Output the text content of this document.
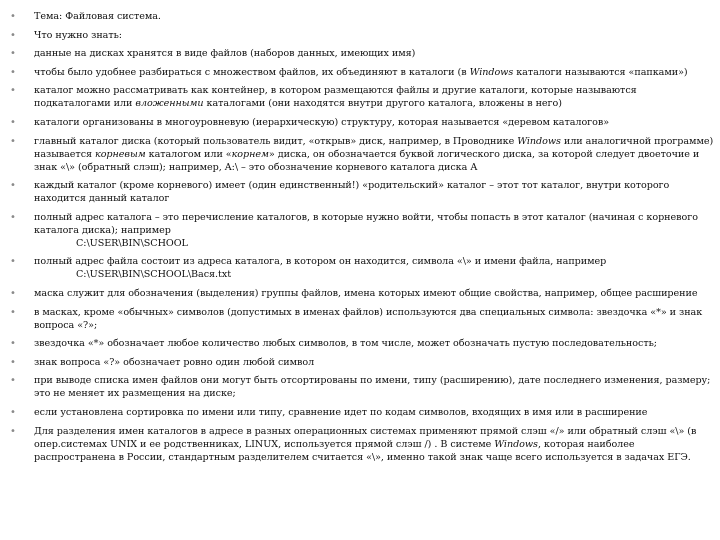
• Тема: Файловая система.
• Что нужно знать:
• данные на дисках хранятся в виде файлов (наборов данных, имеющих имя)
• чтобы было удобнее разбираться с множеством файлов, их объединяют в каталоги (в Windows каталоги называются «папками»)
• каталог можно рассматривать как контейнер, в котором размещаются файлы и другие каталоги, которые называются подкаталогами или вложенными каталогами (они находятся внутри другого каталога, вложены в него)
• каталоги организованы в многоуровневую (иерархическую) структуру, которая называется «деревом каталогов»
• главный каталог диска (который пользователь видит, «открыв» диск, например, в Проводнике Windows или аналогичной программе) называется корневым каталогом или «корнем» диска, он обозначается буквой логического диска, за которой следует двоеточие и знак «\» (обратный слэш); например, A:\ – это обозначение корневого каталога диска А
• каждый каталог (кроме корневого) имеет (один единственный!) «родительский» каталог – этот тот каталог, внутри которого находится данный каталог
• полный адрес каталога – это перечисление каталогов, в которые нужно войти, чтобы попасть в этот каталог (начиная с корневого каталога диска); например
C:\USER\BIN\SCHOOL
• полный адрес файла состоит из адреса каталога, в котором он находится, символа «\» и имени файла, например
C:\USER\BIN\SCHOOL\Вася.txt
• маска служит для обозначения (выделения) группы файлов, имена которых имеют общие свойства, например, общее расширение
• в масках, кроме «обычных» символов (допустимых в именах файлов) используются два специальных символа: звездочка «*» и знак вопроса «?»;
• звездочка «*» обозначает любое количество любых символов, в том числе, может обозначать пустую последовательность;
• знак вопроса «?» обозначает ровно один любой символ
• при выводе списка имен файлов они могут быть отсортированы по имени, типу (расширению), дате последнего изменения, размеру; это не меняет их размещения на диске;
• если установлена сортировка по имени или типу, сравнение идет по кодам символов, входящих в имя или в расширение
• Для разделения имен каталогов в адресе в разных операционных системах применяют прямой слэш «/» или обратный слэш «\» (в опер.системах UNIX и ее родственниках, LINUX, используется прямой слэш /) . В системе Windows, которая наиболее распространена в России, стандартным разделителем считается «\», именно такой знак чаще всего используется в задачах ЕГЭ.
